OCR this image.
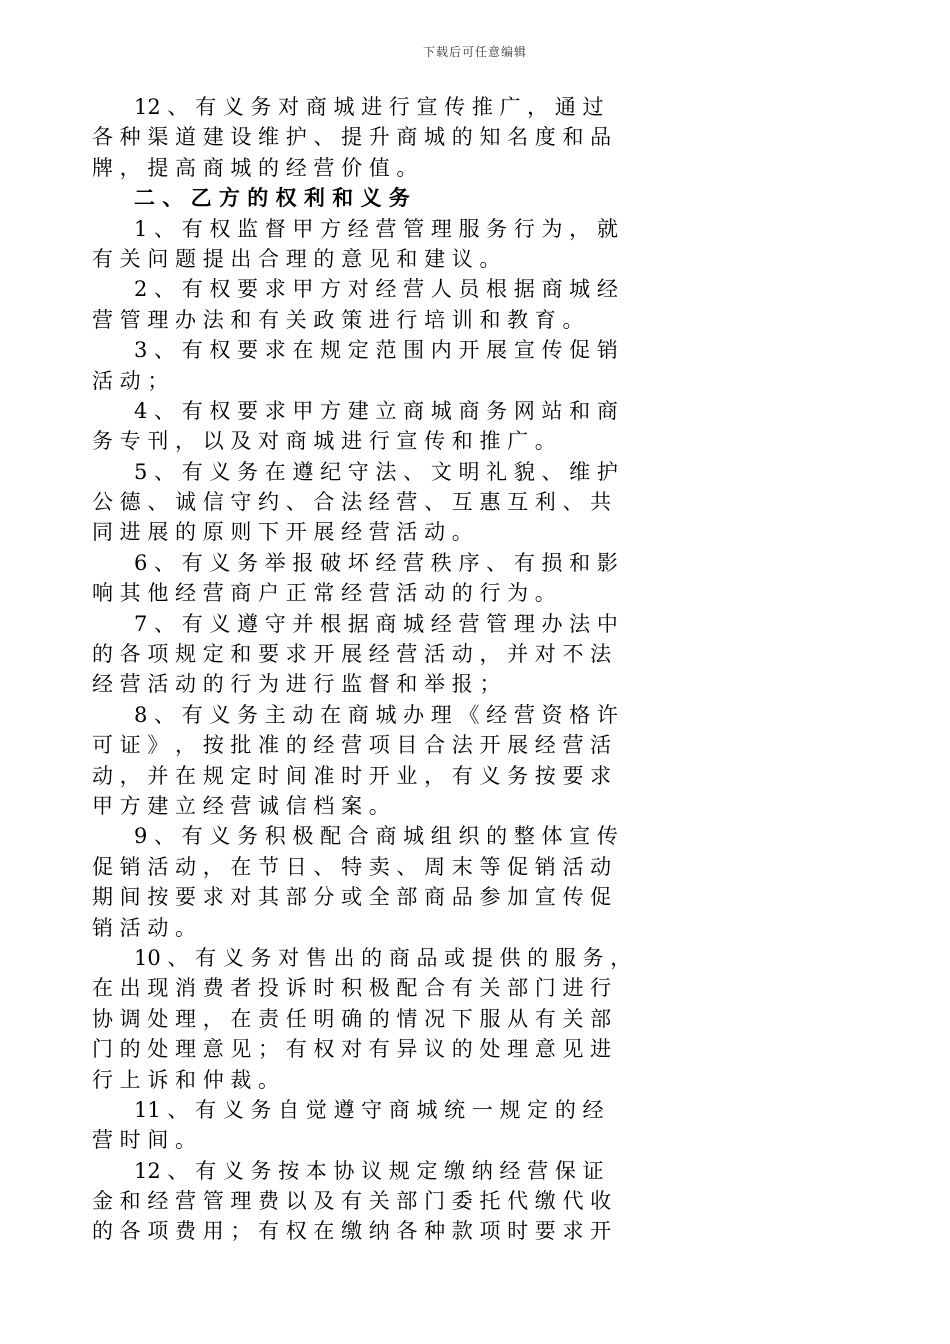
下载后可任意编辑
　　12 、 有 义 务 对 商 城 进 行 宣 传 推 广 ， 通 过
各 种 渠 道 建 设 维 护 、 提 升 商 城 的 知 名 度 和 品
牌 ， 提 高 商 城 的 经 营 价 值 。
　　二 、 乙 方 的 权 利 和 义 务
　　1 、 有 权 监 督 甲 方 经 营 管 理 服 务 行 为 ， 就
有 关 问 题 提 出 合 理 的 意 见 和 建 议 。
　　2 、 有 权 要 求 甲 方 对 经 营 人 员 根 据 商 城 经
营 管 理 办 法 和 有 关 政 策 进 行 培 训 和 教 育 。
　　3 、 有 权 要 求 在 规 定 范 围 内 开 展 宣 传 促 销
活 动 ；
　　4 、 有 权 要 求 甲 方 建 立 商 城 商 务 网 站 和 商
务 专 刊 ， 以 及 对 商 城 进 行 宣 传 和 推 广 。
　　5 、 有 义 务 在 遵 纪 守 法 、 文 明 礼 貌 、 维 护
公 德 、 诚 信 守 约 、 合 法 经 营 、 互 惠 互 利 、 共
同 进 展 的 原 则 下 开 展 经 营 活 动 。
　　6 、 有 义 务 举 报 破 坏 经 营 秩 序 、 有 损 和 影
响 其 他 经 营 商 户 正 常 经 营 活 动 的 行 为 。
　　7 、 有 义 遵 守 并 根 据 商 城 经 营 管 理 办 法 中
的 各 项 规 定 和 要 求 开 展 经 营 活 动 ， 并 对 不 法
经 营 活 动 的 行 为 进 行 监 督 和 举 报 ；
　　8 、 有 义 务 主 动 在 商 城 办 理 《 经 营 资 格 许
可 证 》 ， 按 批 准 的 经 营 项 目 合 法 开 展 经 营 活
动 ， 并 在 规 定 时 间 准 时 开 业 ， 有 义 务 按 要 求
甲 方 建 立 经 营 诚 信 档 案 。
　　9 、 有 义 务 积 极 配 合 商 城 组 织 的 整 体 宣 传
促 销 活 动 ， 在 节 日 、 特 卖 、 周 末 等 促 销 活 动
期 间 按 要 求 对 其 部 分 或 全 部 商 品 参 加 宣 传 促
销 活 动 。
　　10 、 有 义 务 对 售 出 的 商 品 或 提 供 的 服 务 ，
在 出 现 消 费 者 投 诉 时 积 极 配 合 有 关 部 门 进 行
协 调 处 理 ， 在 责 任 明 确 的 情 况 下 服 从 有 关 部
门 的 处 理 意 见 ； 有 权 对 有 异 议 的 处 理 意 见 进
行 上 诉 和 仲 裁 。
　　11 、 有 义 务 自 觉 遵 守 商 城 统 一 规 定 的 经
营 时 间 。
　　12 、 有 义 务 按 本 协 议 规 定 缴 纳 经 营 保 证
金 和 经 营 管 理 费 以 及 有 关 部 门 委 托 代 缴 代 收
的 各 项 费 用 ； 有 权 在 缴 纳 各 种 款 项 时 要 求 开
